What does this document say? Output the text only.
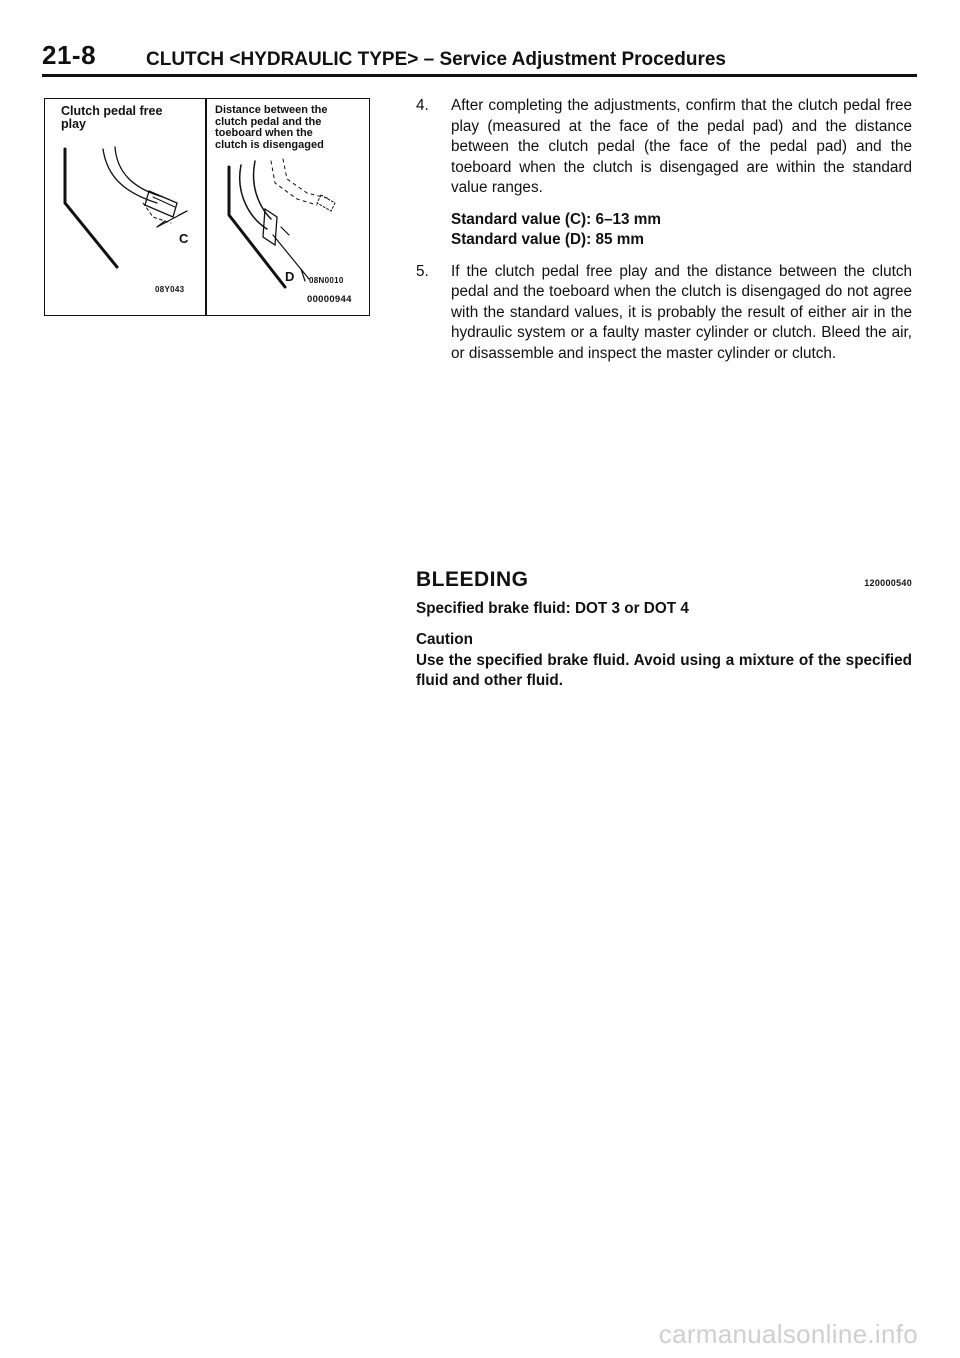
21-8	CLUTCH <HYDRAULIC TYPE> – Service Adjustment Procedures
Clutch pedal free
play
Distance between the
clutch pedal and the
toeboard when the
clutch is disengaged
C
D
08Y043
08N0010
00000944
4. After completing the adjustments, confirm that the clutch pedal free play (measured at the face of the pedal pad) and the distance between the clutch pedal (the face of the pedal pad) and the toeboard when the clutch is disengaged are within the standard value ranges.
Standard value (C): 6–13 mm
Standard value (D): 85 mm
5. If the clutch pedal free play and the distance between the clutch pedal and the toeboard when the clutch is disengaged do not agree with the standard values, it is probably the result of either air in the hydraulic system or a faulty master cylinder or clutch. Bleed the air, or disassemble and inspect the master cylinder or clutch.
BLEEDING	120000540
Specified brake fluid: DOT 3 or DOT 4
Caution
Use the specified brake fluid. Avoid using a mixture of the specified fluid and other fluid.
carmanualsonline.info
